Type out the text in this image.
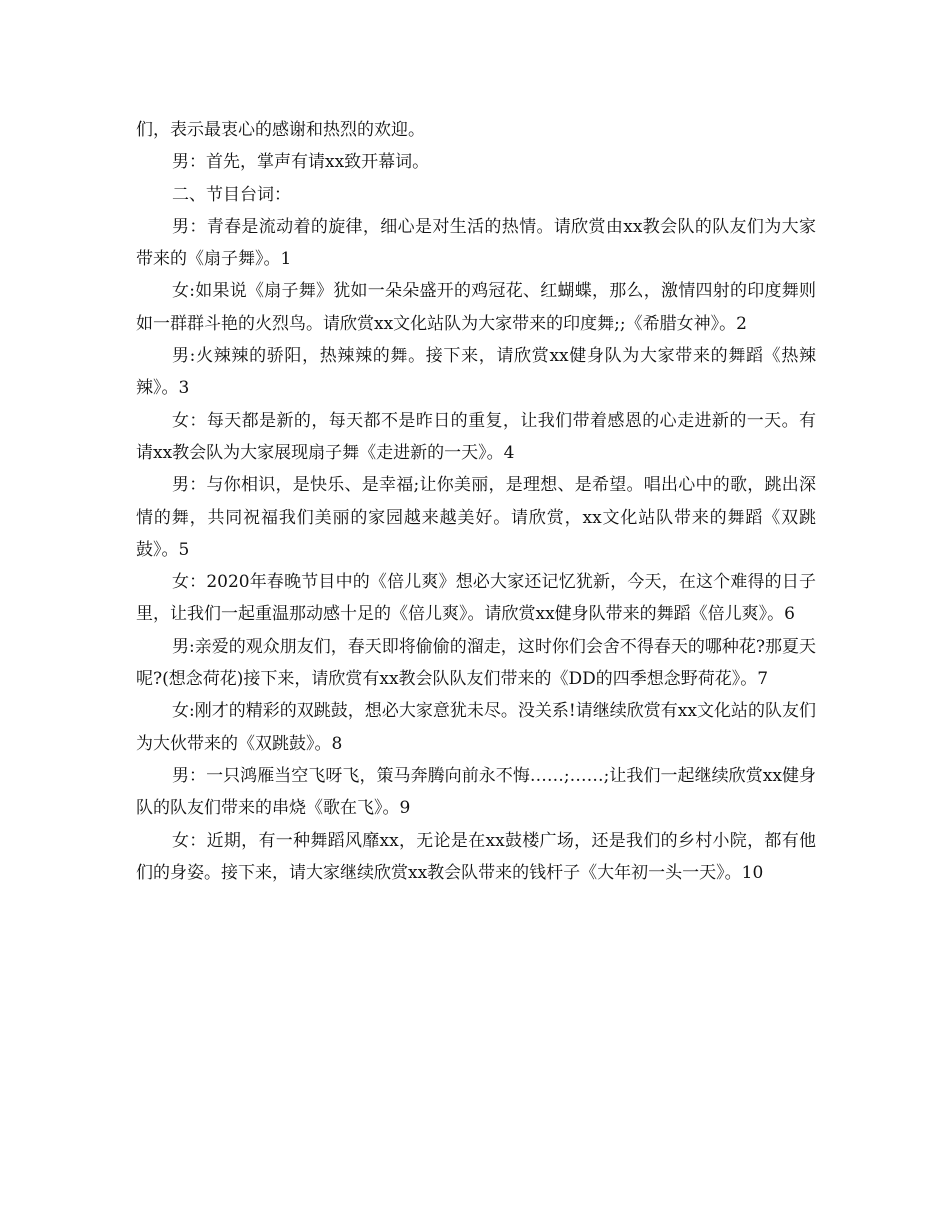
们，表示最衷心的感谢和热烈的欢迎。

男：首先，掌声有请xx致开幕词。

二、节目台词：

男：青春是流动着的旋律，细心是对生活的热情。请欣赏由xx教会队的队友们为大家带来的《扇子舞》。1

女:如果说《扇子舞》犹如一朵朵盛开的鸡冠花、红蝴蝶，那么，激情四射的印度舞则如一群群斗艳的火烈鸟。请欣赏xx文化站队为大家带来的印度舞;;《希腊女神》。2

男:火辣辣的骄阳，热辣辣的舞。接下来，请欣赏xx健身队为大家带来的舞蹈《热辣辣》。3

女：每天都是新的，每天都不是昨日的重复，让我们带着感恩的心走进新的一天。有请xx教会队为大家展现扇子舞《走进新的一天》。4

男：与你相识，是快乐、是幸福;让你美丽，是理想、是希望。唱出心中的歌，跳出深情的舞，共同祝福我们美丽的家园越来越美好。请欣赏，xx文化站队带来的舞蹈《双跳鼓》。5

女：2020年春晚节目中的《倍儿爽》想必大家还记忆犹新，今天，在这个难得的日子里，让我们一起重温那动感十足的《倍儿爽》。请欣赏xx健身队带来的舞蹈《倍儿爽》。6

男:亲爱的观众朋友们，春天即将偷偷的溜走，这时你们会舍不得春天的哪种花?那夏天呢?(想念荷花)接下来，请欣赏有xx教会队队友们带来的《DD的四季想念野荷花》。7

女:刚才的精彩的双跳鼓，想必大家意犹未尽。没关系!请继续欣赏有xx文化站的队友们为大伙带来的《双跳鼓》。8

男：一只鸿雁当空飞呀飞，策马奔腾向前永不悔……;……;让我们一起继续欣赏xx健身队的队友们带来的串烧《歌在飞》。9

女：近期，有一种舞蹈风靡xx，无论是在xx鼓楼广场，还是我们的乡村小院，都有他们的身姿。接下来，请大家继续欣赏xx教会队带来的钱杆子《大年初一头一天》。10
